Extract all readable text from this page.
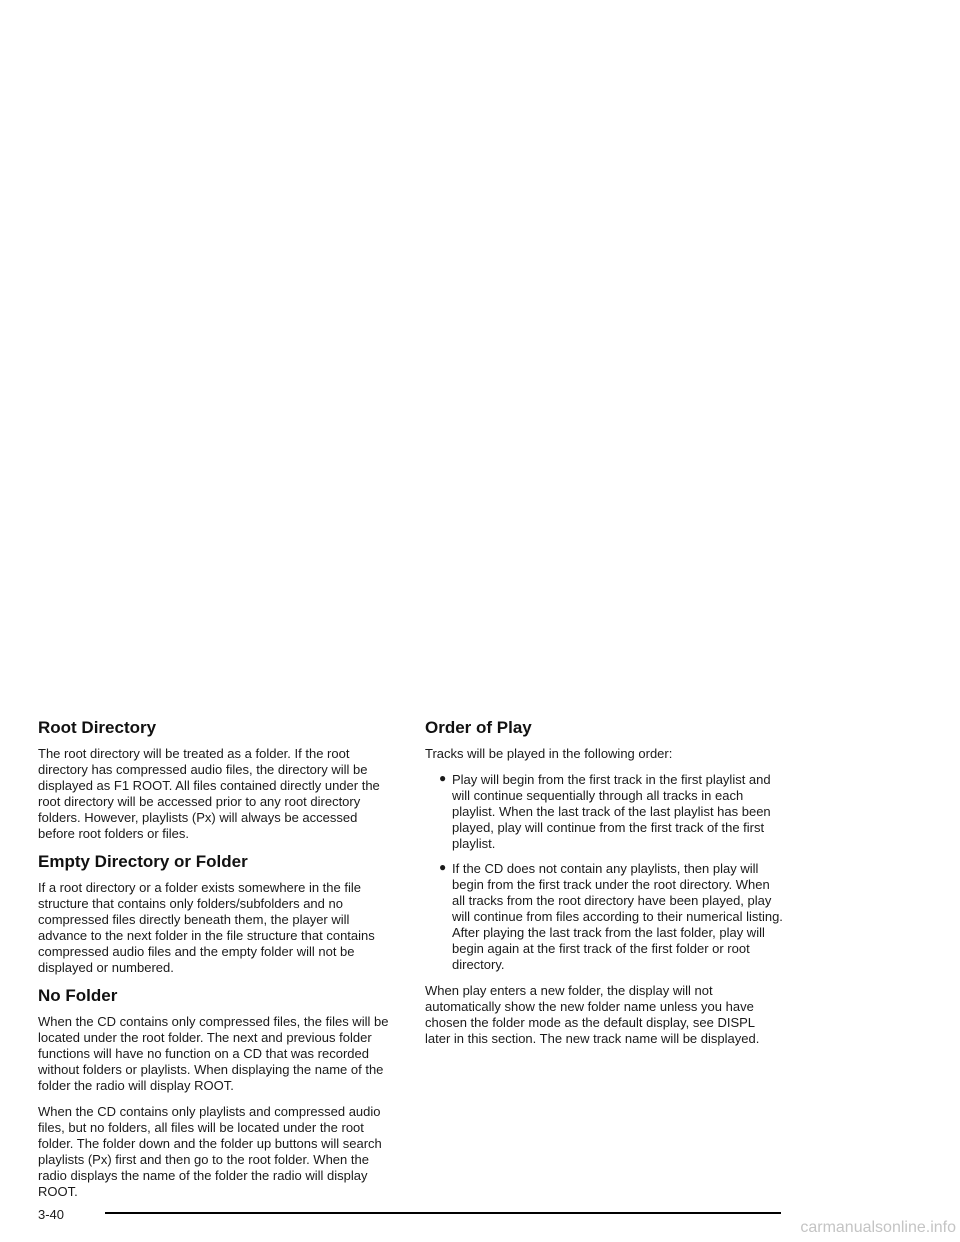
Root Directory

The root directory will be treated as a folder. If the root directory has compressed audio files, the directory will be displayed as F1 ROOT. All files contained directly under the root directory will be accessed prior to any root directory folders. However, playlists (Px) will always be accessed before root folders or files.

Empty Directory or Folder

If a root directory or a folder exists somewhere in the file structure that contains only folders/subfolders and no compressed files directly beneath them, the player will advance to the next folder in the file structure that contains compressed audio files and the empty folder will not be displayed or numbered.

No Folder

When the CD contains only compressed files, the files will be located under the root folder. The next and previous folder functions will have no function on a CD that was recorded without folders or playlists. When displaying the name of the folder the radio will display ROOT.

When the CD contains only playlists and compressed audio files, but no folders, all files will be located under the root folder. The folder down and the folder up buttons will search playlists (Px) first and then go to the root folder. When the radio displays the name of the folder the radio will display ROOT.

Order of Play

Tracks will be played in the following order:

● Play will begin from the first track in the first playlist and will continue sequentially through all tracks in each playlist. When the last track of the last playlist has been played, play will continue from the first track of the first playlist.
● If the CD does not contain any playlists, then play will begin from the first track under the root directory. When all tracks from the root directory have been played, play will continue from files according to their numerical listing. After playing the last track from the last folder, play will begin again at the first track of the first folder or root directory.

When play enters a new folder, the display will not automatically show the new folder name unless you have chosen the folder mode as the default display, see DISPL later in this section. The new track name will be displayed.

3-40
carmanualsonline.info
